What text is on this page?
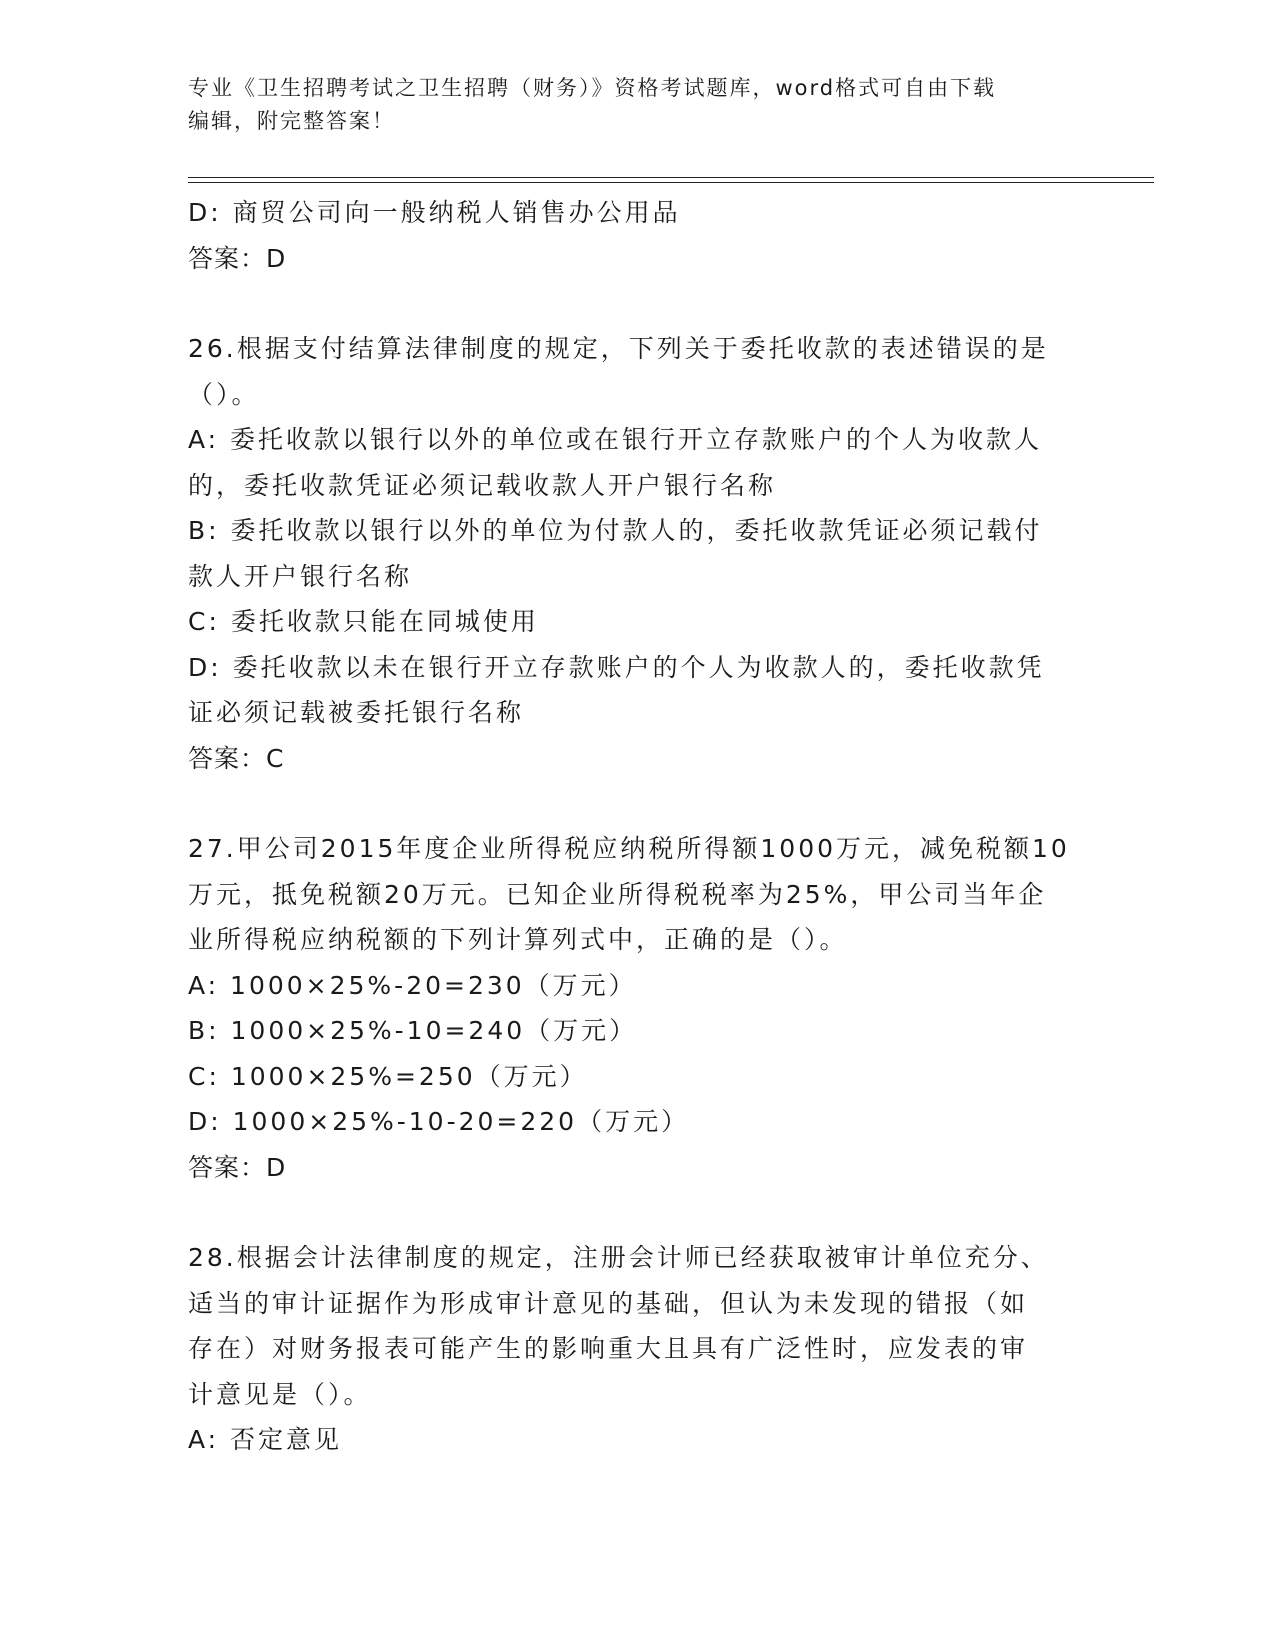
专业《卫生招聘考试之卫生招聘（财务）》资格考试题库，word格式可自由下载
编辑，附完整答案！
D: 商贸公司向一般纳税人销售办公用品
答案：D
26.根据支付结算法律制度的规定，下列关于委托收款的表述错误的是
（）。
A: 委托收款以银行以外的单位或在银行开立存款账户的个人为收款人
的，委托收款凭证必须记载收款人开户银行名称
B: 委托收款以银行以外的单位为付款人的，委托收款凭证必须记载付
款人开户银行名称
C: 委托收款只能在同城使用
D: 委托收款以未在银行开立存款账户的个人为收款人的，委托收款凭
证必须记载被委托银行名称
答案：C
27.甲公司2015年度企业所得税应纳税所得额1000万元，减免税额10
万元，抵免税额20万元。已知企业所得税税率为25%，甲公司当年企
业所得税应纳税额的下列计算列式中，正确的是（）。
A: 1000×25%-20=230（万元）
B: 1000×25%-10=240（万元）
C: 1000×25%=250（万元）
D: 1000×25%-10-20=220（万元）
答案：D
28.根据会计法律制度的规定，注册会计师已经获取被审计单位充分、
适当的审计证据作为形成审计意见的基础，但认为未发现的错报（如
存在）对财务报表可能产生的影响重大且具有广泛性时，应发表的审
计意见是（）。
A: 否定意见
